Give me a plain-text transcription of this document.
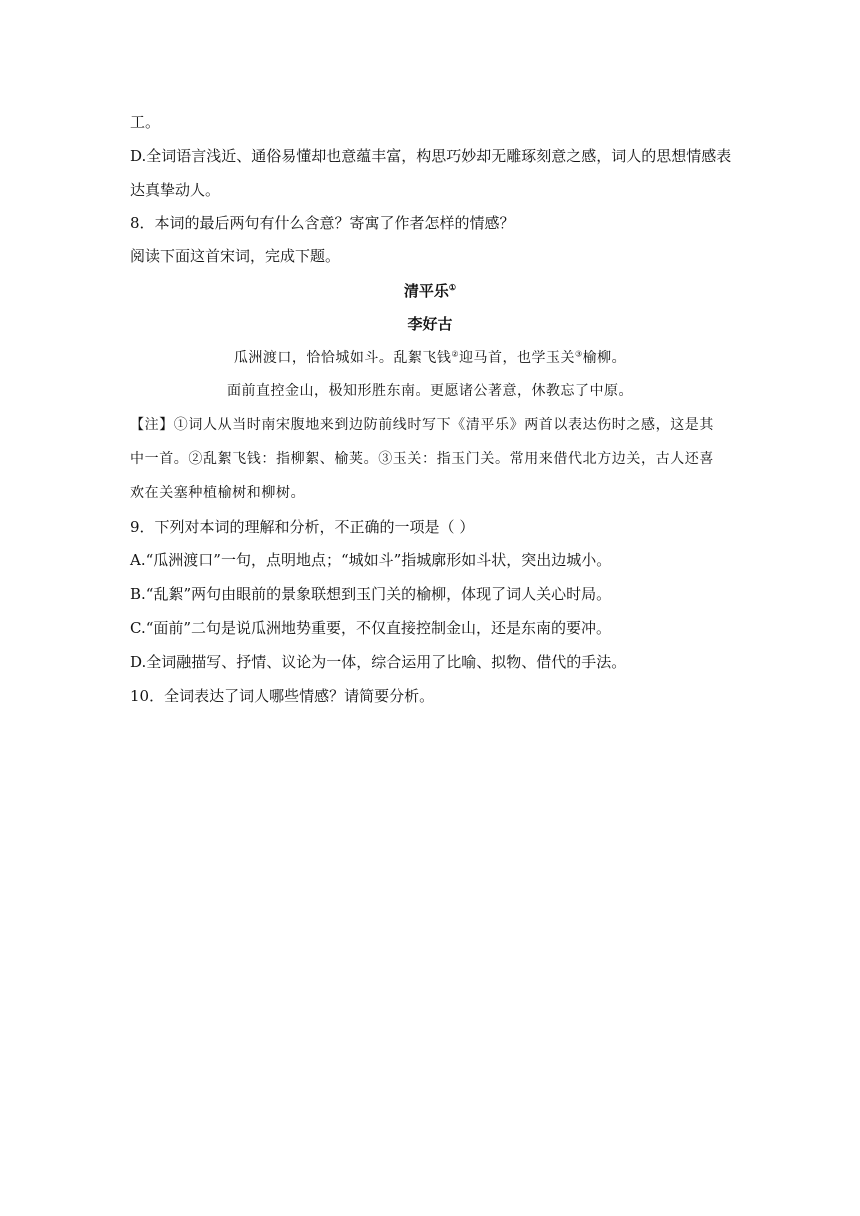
工。
D.全词语言浅近、通俗易懂却也意蕴丰富，构思巧妙却无雕琢刻意之感，词人的思想情感表
达真挚动人。
8．本词的最后两句有什么含意？寄寓了作者怎样的情感？
阅读下面这首宋词，完成下题。
清平乐①
李好古
瓜洲渡口，恰恰城如斗。乱絮飞钱②迎马首，也学玉关③榆柳。
面前直控金山，极知形胜东南。更愿诸公著意，休教忘了中原。
【注】①词人从当时南宋腹地来到边防前线时写下《清平乐》两首以表达伤时之感，这是其
中一首。②乱絮飞钱：指柳絮、榆荚。③玉关：指玉门关。常用来借代北方边关，古人还喜
欢在关塞种植榆树和柳树。
9．下列对本词的理解和分析，不正确的一项是（ ）
A.“瓜洲渡口”一句，点明地点；“城如斗”指城廓形如斗状，突出边城小。
B.“乱絮”两句由眼前的景象联想到玉门关的榆柳，体现了词人关心时局。
C.“面前”二句是说瓜洲地势重要，不仅直接控制金山，还是东南的要冲。
D.全词融描写、抒情、议论为一体，综合运用了比喻、拟物、借代的手法。
10．全词表达了词人哪些情感？请简要分析。
